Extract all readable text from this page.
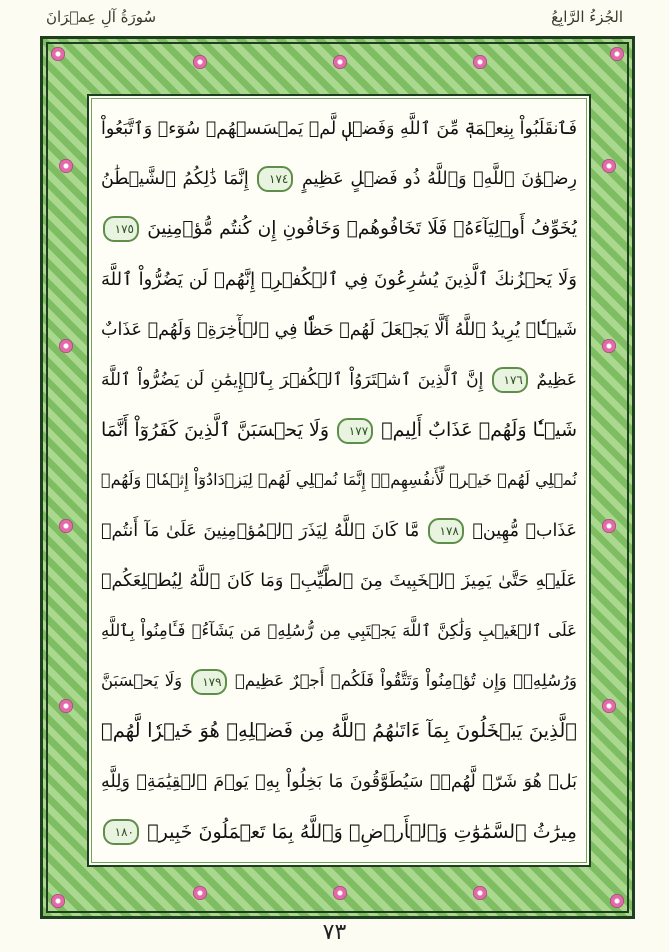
سُورَةُ آلِ عِمۡرَانَ	الجُزءُ الرَّابِعُ
فَٱنقَلَبُواْ بِنِعۡمَةٖ مِّنَ ٱللَّهِ وَفَضۡلٖ لَّمۡ يَمۡسَسۡهُمۡ سُوٓءٞ وَٱتَّبَعُواْ
رِضۡوَٰنَ ٱللَّهِۗ وَٱللَّهُ ذُو فَضۡلٍ عَظِيمٍ ١٧٤ إِنَّمَا ذَٰلِكُمُ ٱلشَّيۡطَٰنُ
يُخَوِّفُ أَوۡلِيَآءَهُۥ فَلَا تَخَافُوهُمۡ وَخَافُونِ إِن كُنتُم مُّؤۡمِنِينَ ١٧٥
وَلَا يَحۡزُنكَ ٱلَّذِينَ يُسَٰرِعُونَ فِي ٱلۡكُفۡرِۚ إِنَّهُمۡ لَن يَضُرُّواْ ٱللَّهَ
شَيۡـٔٗاۗ يُرِيدُ ٱللَّهُ أَلَّا يَجۡعَلَ لَهُمۡ حَظّٗا فِي ٱلۡأٓخِرَةِۖ وَلَهُمۡ عَذَابٌ
عَظِيمٌ ١٧٦ إِنَّ ٱلَّذِينَ ٱشۡتَرَوُاْ ٱلۡكُفۡرَ بِٱلۡإِيمَٰنِ لَن يَضُرُّواْ ٱللَّهَ
شَيۡـٔٗا وَلَهُمۡ عَذَابٌ أَلِيمٞ ١٧٧ وَلَا يَحۡسَبَنَّ ٱلَّذِينَ كَفَرُوٓاْ أَنَّمَا
نُمۡلِي لَهُمۡ خَيۡرٞ لِّأَنفُسِهِمۡۚ إِنَّمَا نُمۡلِي لَهُمۡ لِيَزۡدَادُوٓاْ إِثۡمٗاۖ وَلَهُمۡ
عَذَابٞ مُّهِينٞ ١٧٨ مَّا كَانَ ٱللَّهُ لِيَذَرَ ٱلۡمُؤۡمِنِينَ عَلَىٰ مَآ أَنتُمۡ
عَلَيۡهِ حَتَّىٰ يَمِيزَ ٱلۡخَبِيثَ مِنَ ٱلطَّيِّبِۗ وَمَا كَانَ ٱللَّهُ لِيُطۡلِعَكُمۡ
عَلَى ٱلۡغَيۡبِ وَلَٰكِنَّ ٱللَّهَ يَجۡتَبِي مِن رُّسُلِهِۦ مَن يَشَآءُۖ فَـَٔامِنُواْ بِٱللَّهِ
وَرُسُلِهِۦۚ وَإِن تُؤۡمِنُواْ وَتَتَّقُواْ فَلَكُمۡ أَجۡرٌ عَظِيمٞ ١٧٩ وَلَا يَحۡسَبَنَّ
ٱلَّذِينَ يَبۡخَلُونَ بِمَآ ءَاتَىٰهُمُ ٱللَّهُ مِن فَضۡلِهِۦ هُوَ خَيۡرٗا لَّهُمۖ
بَلۡ هُوَ شَرّٞ لَّهُمۡۖ سَيُطَوَّقُونَ مَا بَخِلُواْ بِهِۦ يَوۡمَ ٱلۡقِيَٰمَةِۗ وَلِلَّهِ
مِيرَٰثُ ٱلسَّمَٰوَٰتِ وَٱلۡأَرۡضِۗ وَٱللَّهُ بِمَا تَعۡمَلُونَ خَبِيرٞ ١٨٠
٧٣
